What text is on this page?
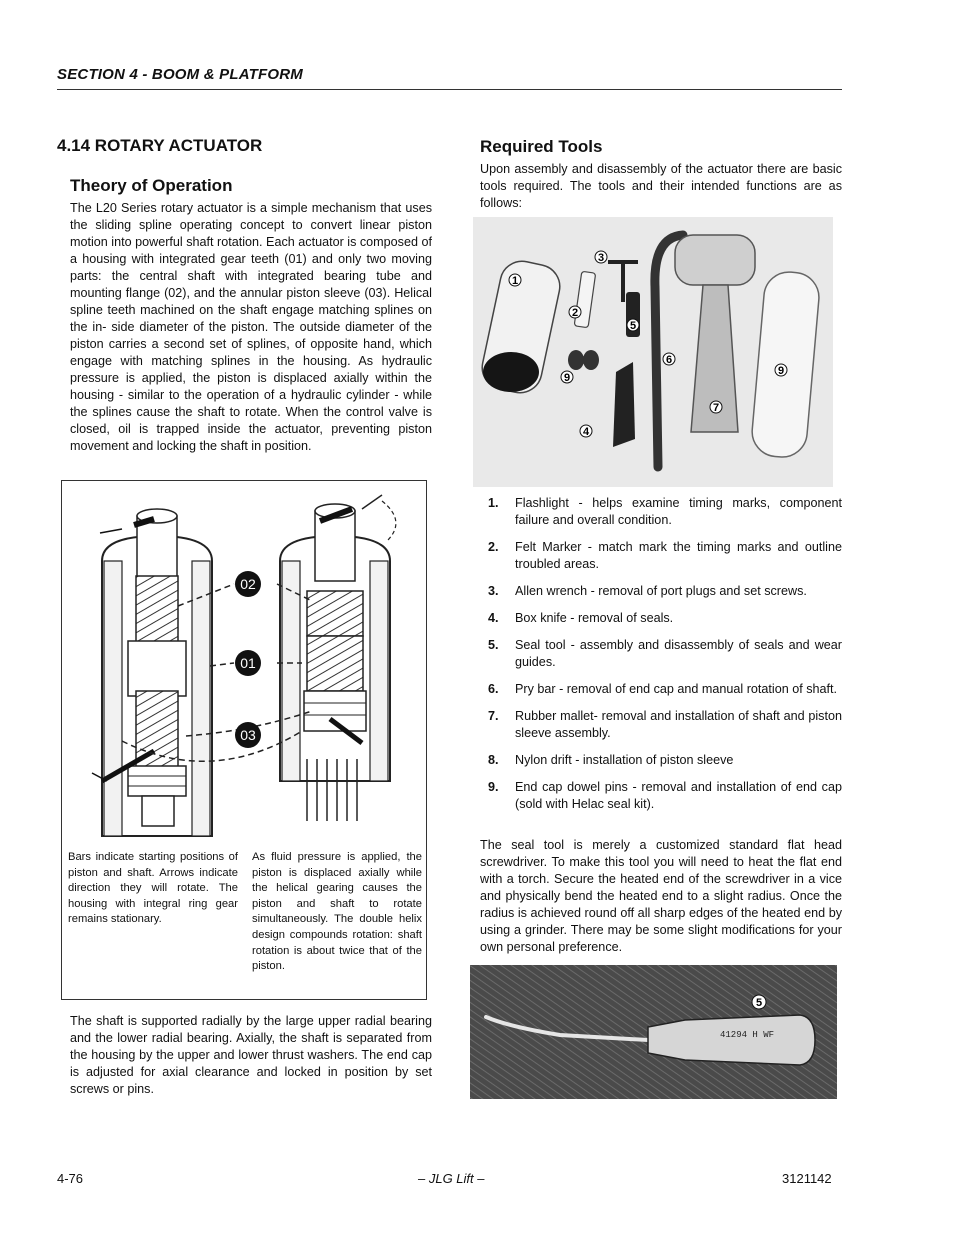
SECTION 4 - BOOM & PLATFORM
4.14 ROTARY ACTUATOR
Theory of Operation
The L20 Series rotary actuator is a simple mechanism that uses the sliding spline operating concept to convert linear piston motion into powerful shaft rotation. Each actuator is composed of a housing with integrated gear teeth (01) and only two moving parts: the central shaft with integrated bearing tube and mounting flange (02), and the annular piston sleeve (03). Helical spline teeth machined on the shaft engage matching splines on the in- side diameter of the piston. The outside diameter of the piston carries a second set of splines, of opposite hand, which engage with matching splines in the housing. As hydraulic pressure is applied, the piston is displaced axially within the housing - similar to the operation of a hydraulic cylinder - while the splines cause the shaft to rotate. When the control valve is closed, oil is trapped inside the actuator, preventing piston movement and locking the shaft in position.
02
01
03
Bars indicate starting positions of piston and shaft. Arrows indicate direction they will rotate. The housing with integral ring gear remains stationary.
As fluid pressure is applied, the piston is displaced axially while the helical gearing causes the piston and shaft to rotate simultaneously. The double helix design compounds rotation: shaft rotation is about twice that of the piston.
The shaft is supported radially by the large upper radial bearing and the lower radial bearing. Axially, the shaft is separated from the housing by the upper and lower thrust washers. The end cap is adjusted for axial clearance and locked in position by set screws or pins.
Required Tools
Upon assembly and disassembly of the actuator there are basic tools required. The tools and their intended functions are as follows:
1
2
3
4
5
6
7
9
9
1. Flashlight - helps examine timing marks, component failure and overall condition.
2. Felt Marker - match mark the timing marks and outline troubled areas.
3. Allen wrench - removal of port plugs and set screws.
4. Box knife - removal of seals.
5. Seal tool - assembly and disassembly of seals and wear guides.
6. Pry bar - removal of end cap and manual rotation of shaft.
7. Rubber mallet- removal and installation of shaft and piston sleeve assembly.
8. Nylon drift - installation of piston sleeve
9. End cap dowel pins - removal and installation of end cap (sold with Helac seal kit).
The seal tool is merely a customized standard flat head screwdriver. To make this tool you will need to heat the flat end with a torch. Secure the heated end of the screwdriver in a vice and physically bend the heated end to a slight radius. Once the radius is achieved round off all sharp edges of the heated end by using a grinder. There may be some slight modifications for your own personal preference.
41294 H WF
5
4-76	– JLG Lift –	3121142
